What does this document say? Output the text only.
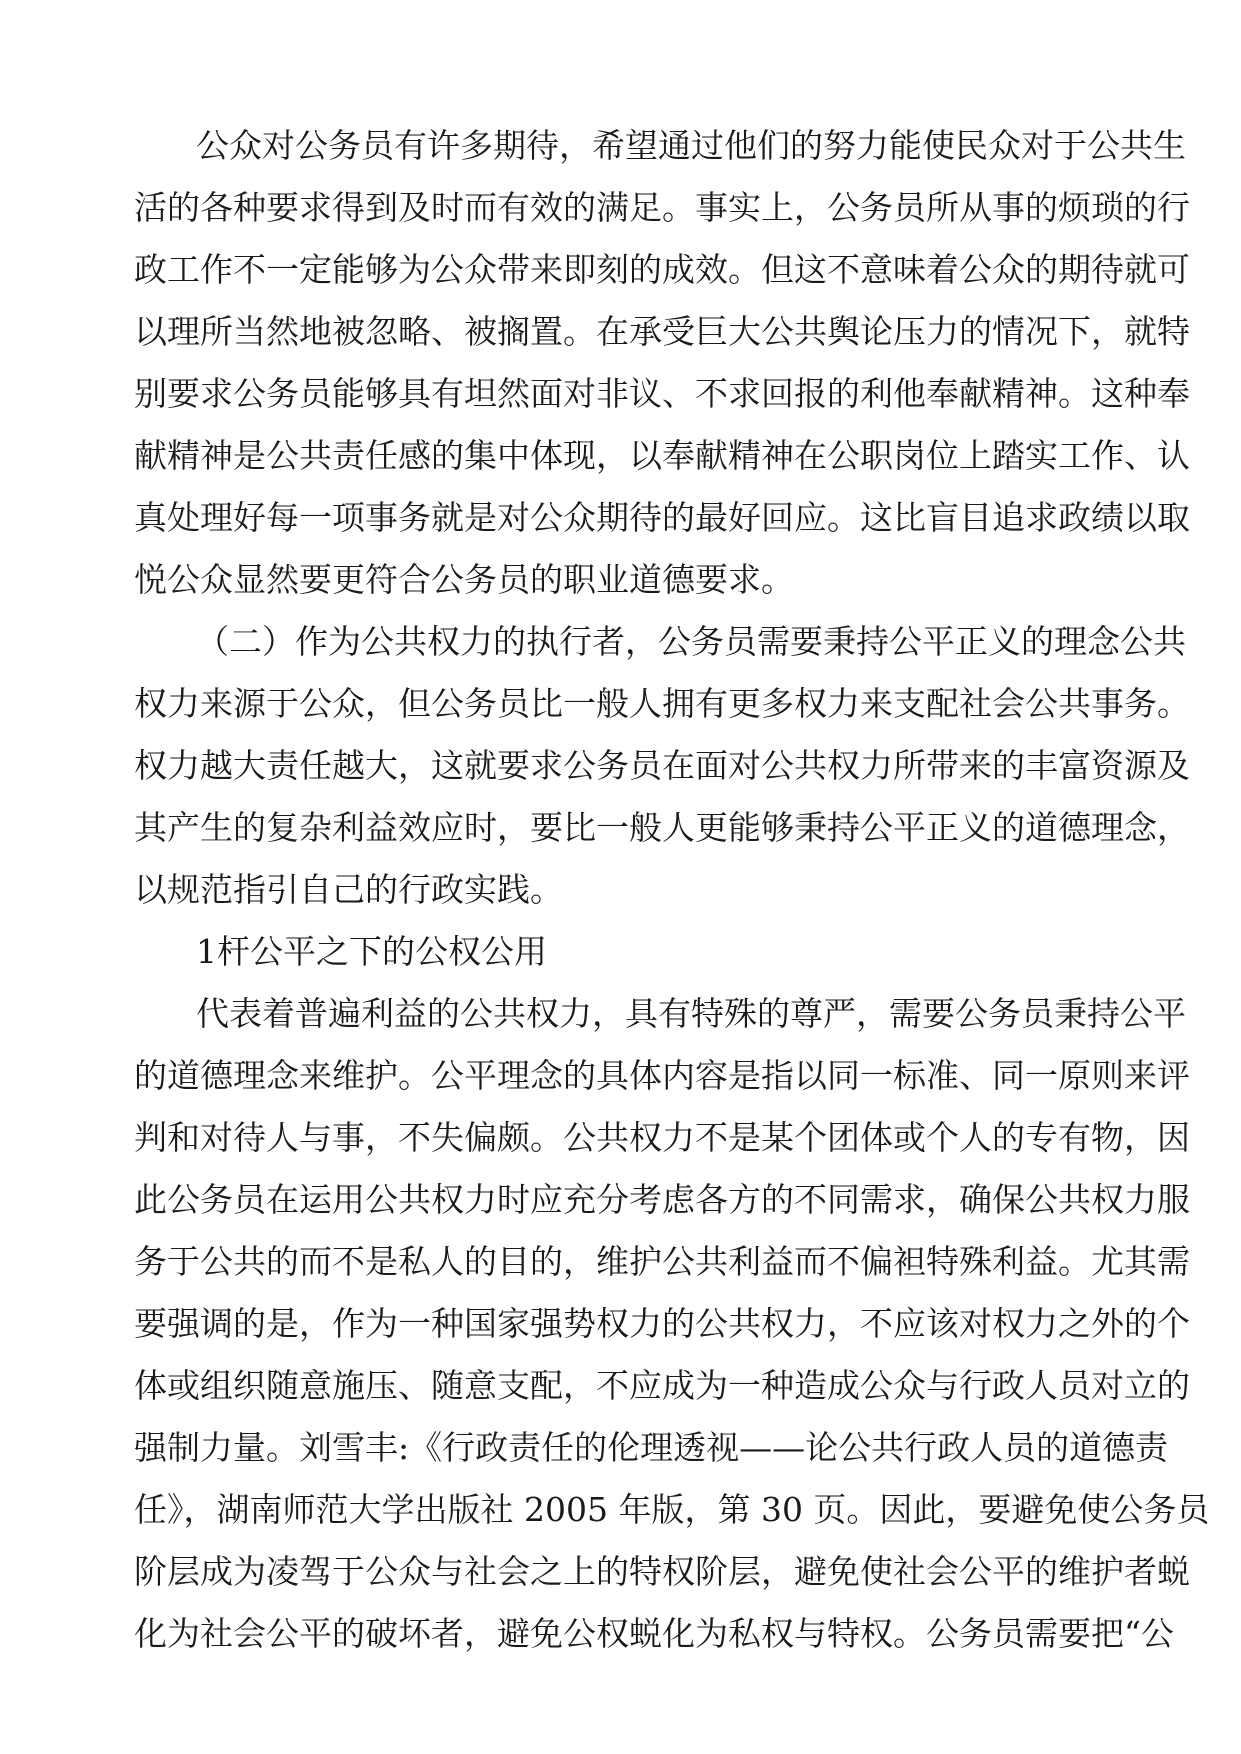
公众对公务员有许多期待，希望通过他们的努力能使民众对于公共生
活的各种要求得到及时而有效的满足。事实上，公务员所从事的烦琐的行
政工作不一定能够为公众带来即刻的成效。但这不意味着公众的期待就可
以理所当然地被忽略、被搁置。在承受巨大公共舆论压力的情况下，就特
别要求公务员能够具有坦然面对非议、不求回报的利他奉献精神。这种奉
献精神是公共责任感的集中体现，以奉献精神在公职岗位上踏实工作、认
真处理好每一项事务就是对公众期待的最好回应。这比盲目追求政绩以取
悦公众显然要更符合公务员的职业道德要求。
（二）作为公共权力的执行者，公务员需要秉持公平正义的理念公共
权力来源于公众，但公务员比一般人拥有更多权力来支配社会公共事务。
权力越大责任越大，这就要求公务员在面对公共权力所带来的丰富资源及
其产生的复杂利益效应时，要比一般人更能够秉持公平正义的道德理念，
以规范指引自己的行政实践。
1杆公平之下的公权公用
代表着普遍利益的公共权力，具有特殊的尊严，需要公务员秉持公平
的道德理念来维护。公平理念的具体内容是指以同一标准、同一原则来评
判和对待人与事，不失偏颇。公共权力不是某个团体或个人的专有物，因
此公务员在运用公共权力时应充分考虑各方的不同需求，确保公共权力服
务于公共的而不是私人的目的，维护公共利益而不偏袒特殊利益。尤其需
要强调的是，作为一种国家强势权力的公共权力，不应该对权力之外的个
体或组织随意施压、随意支配，不应成为一种造成公众与行政人员对立的
强制力量。刘雪丰:《行政责任的伦理透视——论公共行政人员的道德责
任》，湖南师范大学出版社 2005 年版，第 30 页。因此，要避免使公务员
阶层成为凌驾于公众与社会之上的特权阶层，避免使社会公平的维护者蜕
化为社会公平的破坏者，避免公权蜕化为私权与特权。公务员需要把“公
